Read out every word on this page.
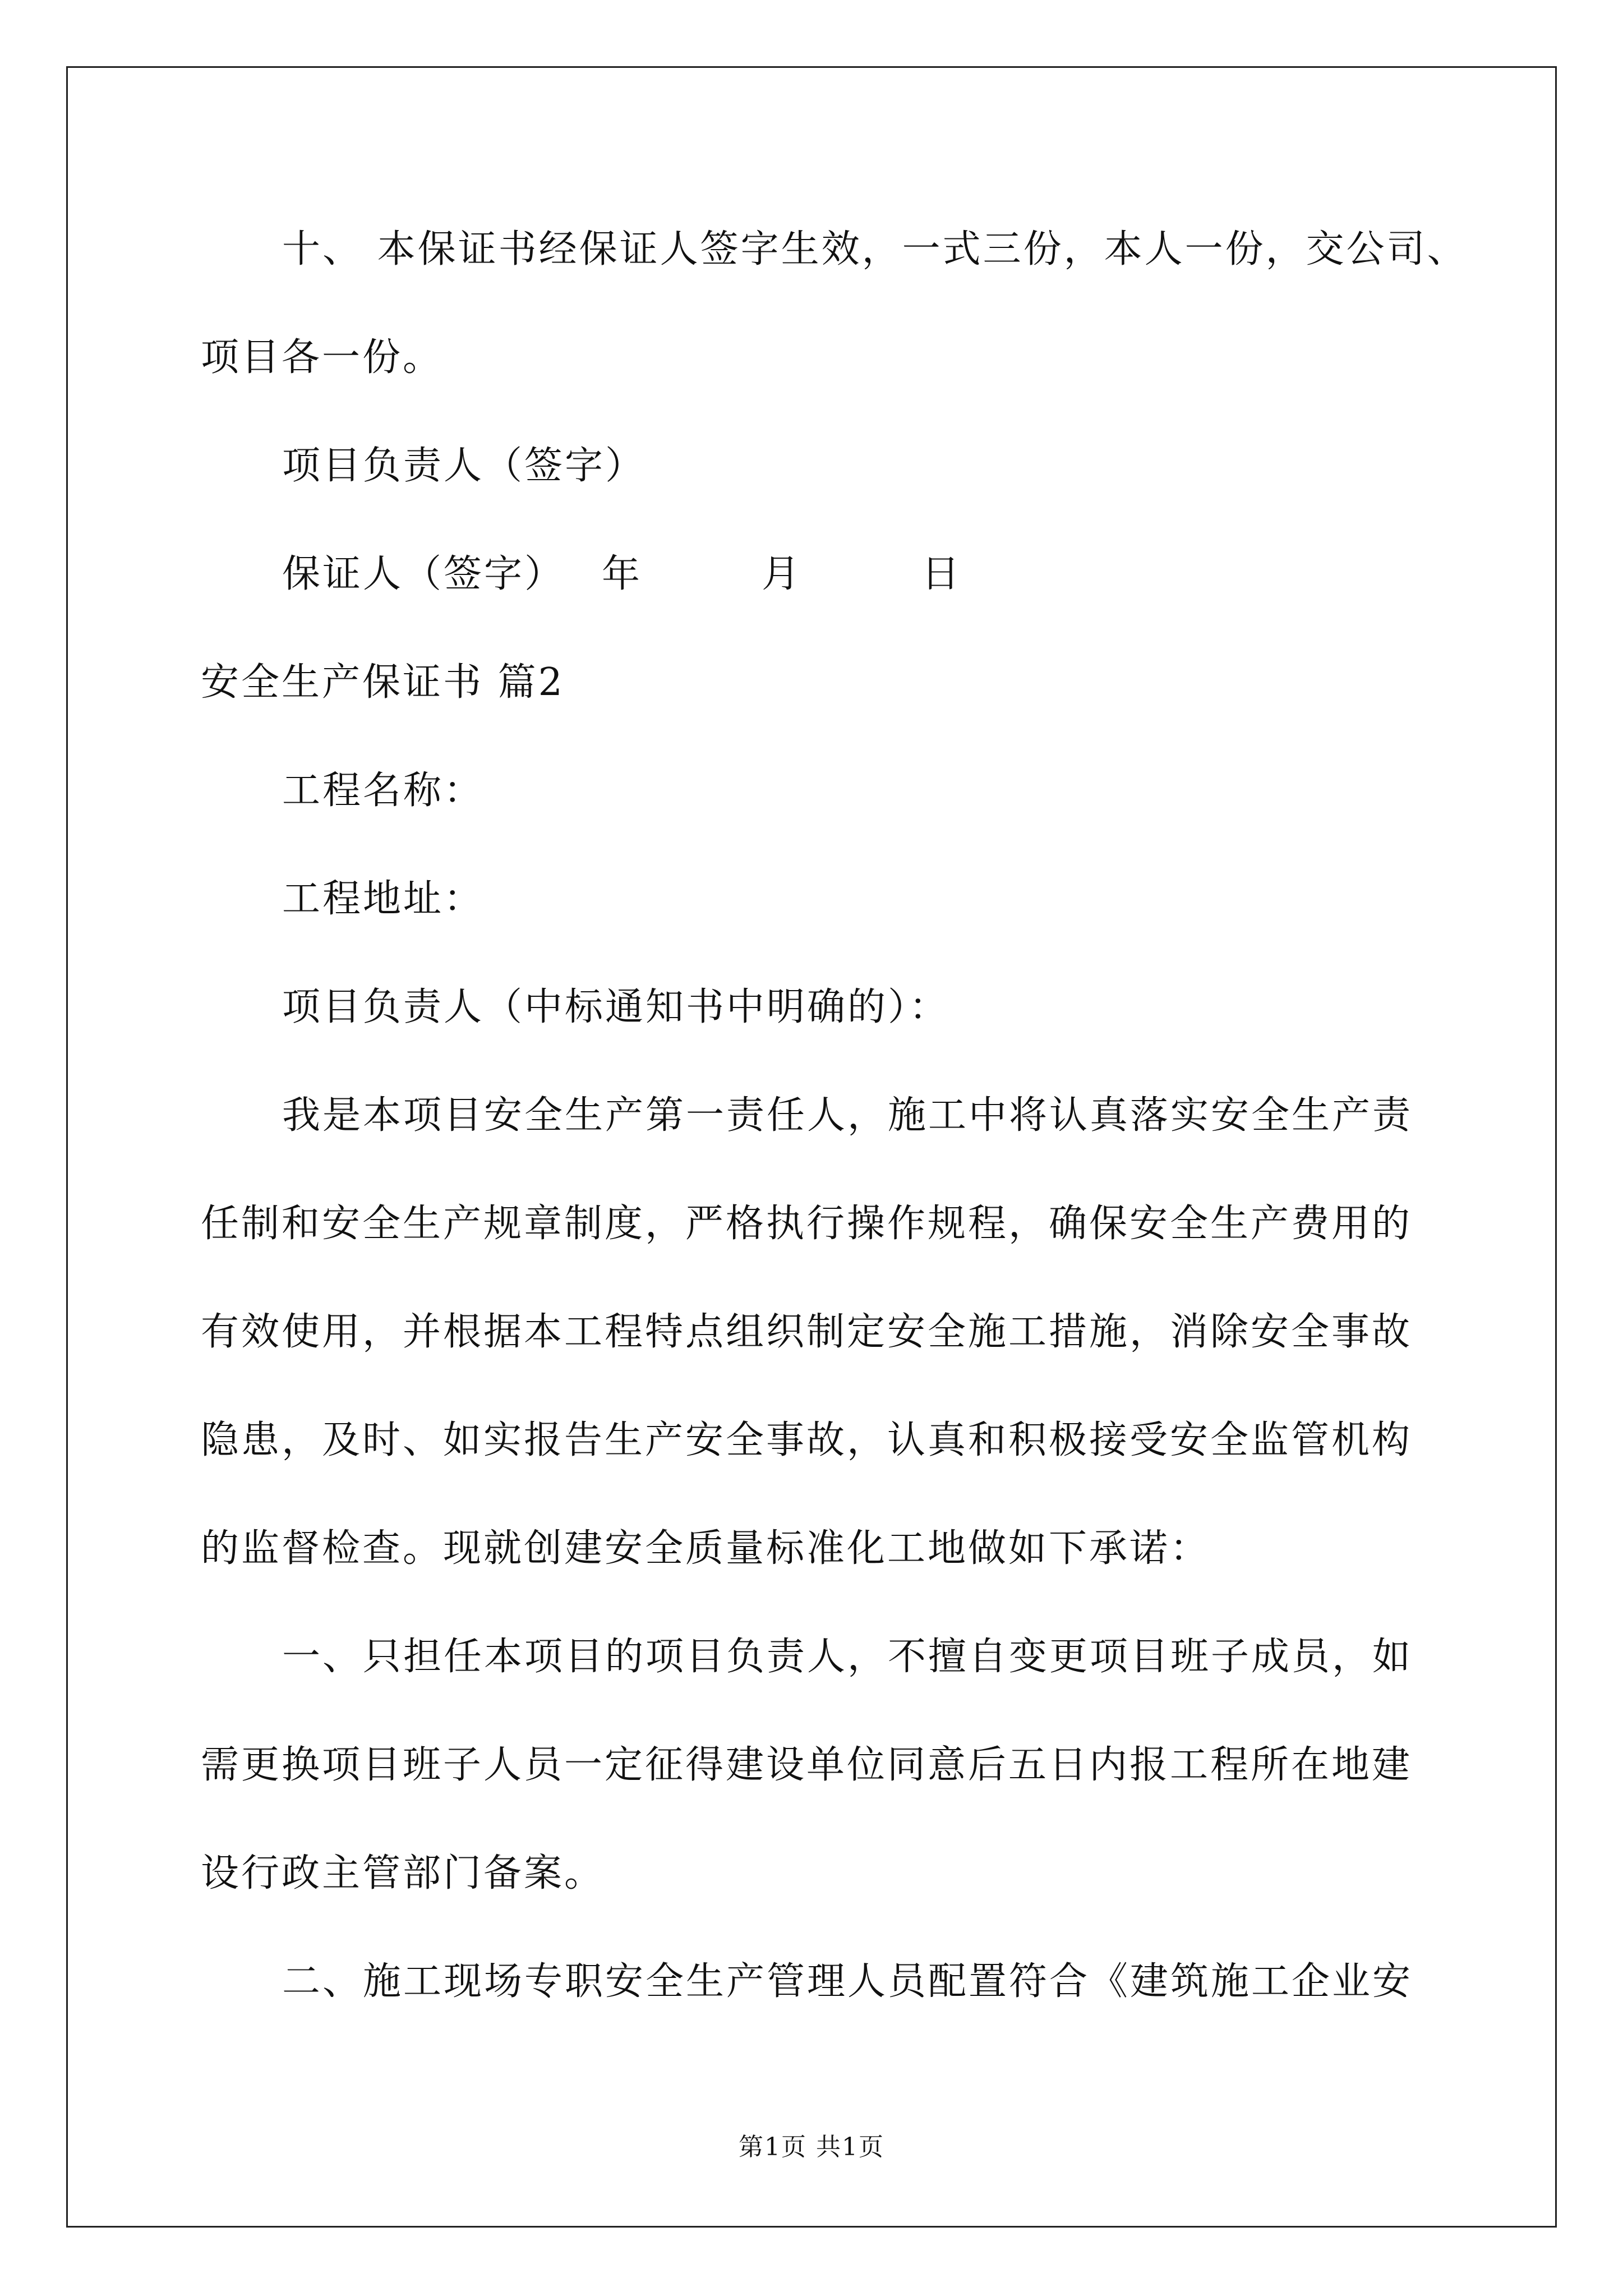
十、 本保证书经保证人签字生效，一式三份，本人一份，交公司、
项目各一份。
项目负责人（签字）
保证人（签字） 年	月	日
安全生产保证书 篇2
工程名称：
工程地址：
项目负责人（中标通知书中明确的）：
我是本项目安全生产第一责任人，施工中将认真落实安全生产责
任制和安全生产规章制度，严格执行操作规程，确保安全生产费用的
有效使用，并根据本工程特点组织制定安全施工措施，消除安全事故
隐患，及时、如实报告生产安全事故，认真和积极接受安全监管机构
的监督检查。现就创建安全质量标准化工地做如下承诺：
一、只担任本项目的项目负责人，不擅自变更项目班子成员，如
需更换项目班子人员一定征得建设单位同意后五日内报工程所在地建
设行政主管部门备案。
二、施工现场专职安全生产管理人员配置符合《建筑施工企业安
第1页 共1页
